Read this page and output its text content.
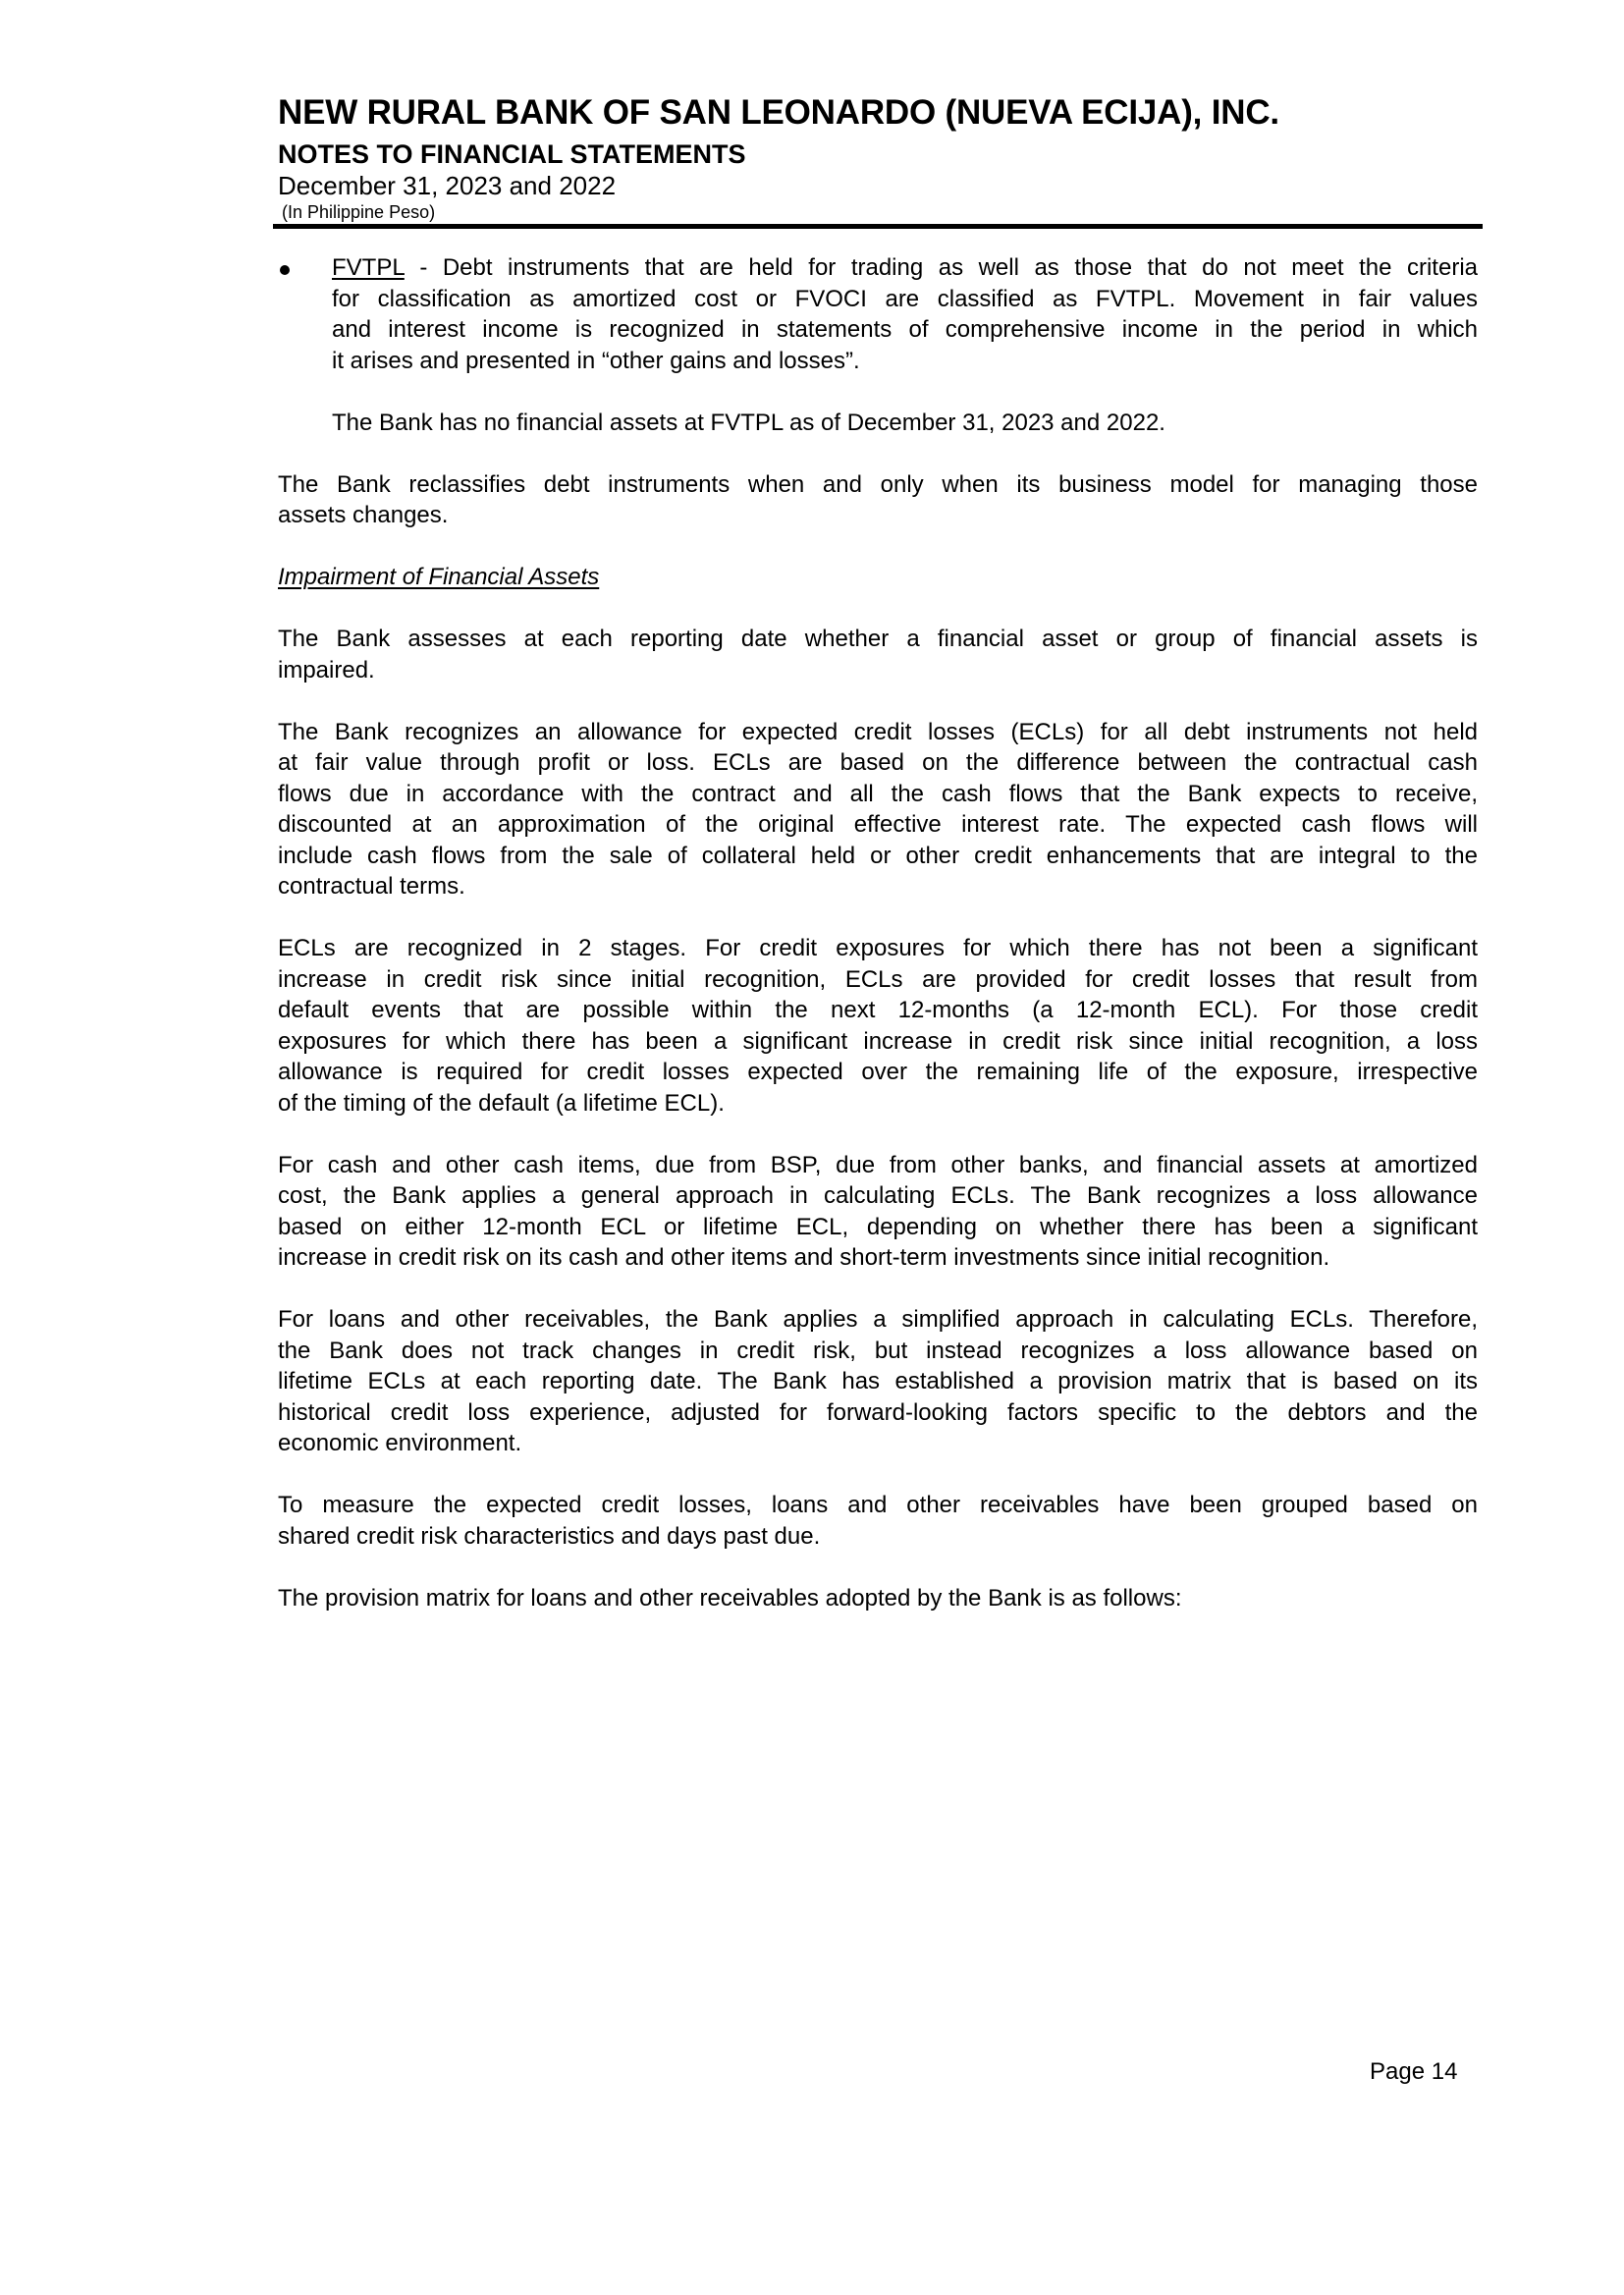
NEW RURAL BANK OF SAN LEONARDO (NUEVA ECIJA), INC.
NOTES TO FINANCIAL STATEMENTS
December 31, 2023 and 2022
(In Philippine Peso)
FVTPL - Debt instruments that are held for trading as well as those that do not meet the criteria
for classification as amortized cost or FVOCI are classified as FVTPL. Movement in fair values
and interest income is recognized in statements of comprehensive income in the period in which
it arises and presented in “other gains and losses”.
The Bank has no financial assets at FVTPL as of December 31, 2023 and 2022.
The Bank reclassifies debt instruments when and only when its business model for managing those
assets changes.
Impairment of Financial Assets
The Bank assesses at each reporting date whether a financial asset or group of financial assets is
impaired.
The Bank recognizes an allowance for expected credit losses (ECLs) for all debt instruments not held
at fair value through profit or loss. ECLs are based on the difference between the contractual cash
flows due in accordance with the contract and all the cash flows that the Bank expects to receive,
discounted at an approximation of the original effective interest rate. The expected cash flows will
include cash flows from the sale of collateral held or other credit enhancements that are integral to the
contractual terms.
ECLs are recognized in 2 stages. For credit exposures for which there has not been a significant
increase in credit risk since initial recognition, ECLs are provided for credit losses that result from
default events that are possible within the next 12-months (a 12-month ECL). For those credit
exposures for which there has been a significant increase in credit risk since initial recognition, a loss
allowance is required for credit losses expected over the remaining life of the exposure, irrespective
of the timing of the default (a lifetime ECL).
For cash and other cash items, due from BSP, due from other banks, and financial assets at amortized
cost, the Bank applies a general approach in calculating ECLs. The Bank recognizes a loss allowance
based on either 12-month ECL or lifetime ECL, depending on whether there has been a significant
increase in credit risk on its cash and other items and short-term investments since initial recognition.
For loans and other receivables, the Bank applies a simplified approach in calculating ECLs. Therefore,
the Bank does not track changes in credit risk, but instead recognizes a loss allowance based on
lifetime ECLs at each reporting date. The Bank has established a provision matrix that is based on its
historical credit loss experience, adjusted for forward-looking factors specific to the debtors and the
economic environment.
To measure the expected credit losses, loans and other receivables have been grouped based on
shared credit risk characteristics and days past due.
The provision matrix for loans and other receivables adopted by the Bank is as follows:
Page 14
